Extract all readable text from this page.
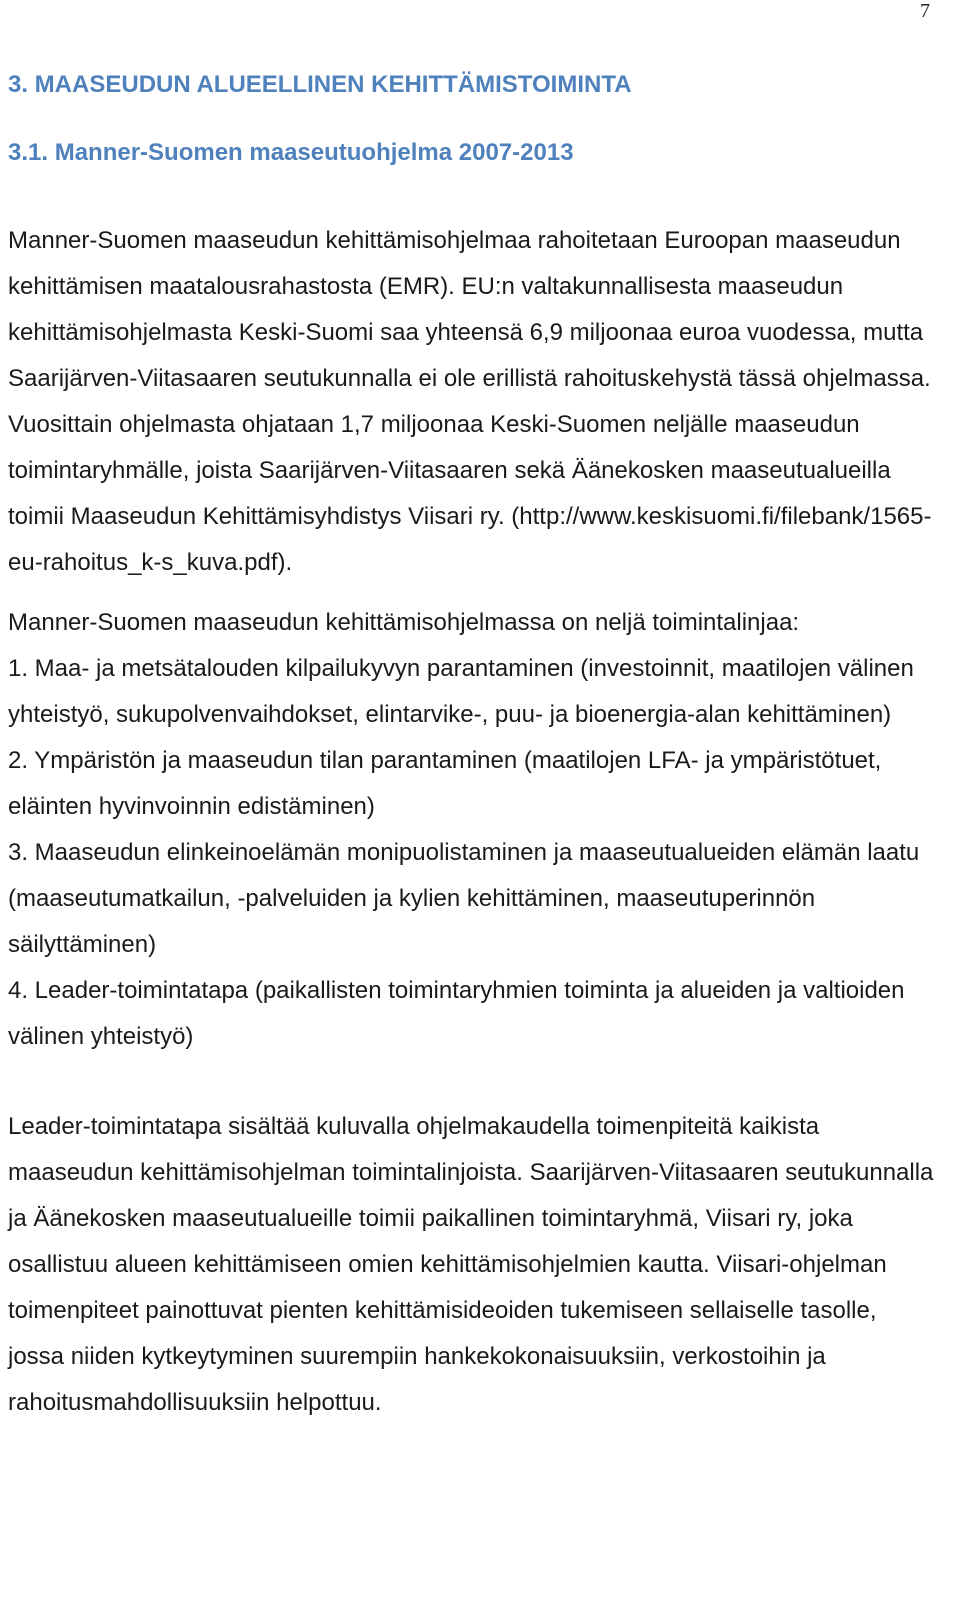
7
3. MAASEUDUN ALUEELLINEN KEHITTÄMISTOIMINTA
3.1. Manner-Suomen maaseutuohjelma 2007-2013

Manner-Suomen maaseudun kehittämisohjelmaa rahoitetaan Euroopan maaseudun kehittämisen maatalousrahastosta (EMR). EU:n valtakunnallisesta maaseudun kehittämisohjelmasta Keski-Suomi saa yhteensä 6,9 miljoonaa euroa vuodessa, mutta Saarijärven-Viitasaaren seutukunnalla ei ole erillistä rahoituskehystä tässä ohjelmassa. Vuosittain ohjelmasta ohjataan 1,7 miljoonaa Keski-Suomen neljälle maaseudun toimintaryhmälle, joista Saarijärven-Viitasaaren sekä Äänekosken maaseutualueilla toimii Maaseudun Kehittämisyhdistys Viisari ry. (http://www.keskisuomi.fi/filebank/1565-eu-rahoitus_k-s_kuva.pdf).

Manner-Suomen maaseudun kehittämisohjelmassa on neljä toimintalinjaa:

1. Maa- ja metsätalouden kilpailukyvyn parantaminen (investoinnit, maatilojen välinen yhteistyö, sukupolvenvaihdokset, elintarvike-, puu- ja bioenergia-alan kehittäminen)

2. Ympäristön ja maaseudun tilan parantaminen (maatilojen LFA- ja ympäristötuet, eläinten hyvinvoinnin edistäminen)

3. Maaseudun elinkeinoelämän monipuolistaminen ja maaseutualueiden elämän laatu (maaseutumatkailun, -palveluiden ja kylien kehittäminen, maaseutuperinnön säilyttäminen)

4. Leader-toimintatapa (paikallisten toimintaryhmien toiminta ja alueiden ja valtioiden välinen yhteistyö)

Leader-toimintatapa sisältää kuluvalla ohjelmakaudella toimenpiteitä kaikista maaseudun kehittämisohjelman toimintalinjoista. Saarijärven-Viitasaaren seutukunnalla ja Äänekosken maaseutualueille toimii paikallinen toimintaryhmä, Viisari ry, joka osallistuu alueen kehittämiseen omien kehittämisohjelmien kautta. Viisari-ohjelman toimenpiteet painottuvat pienten kehittämisideoiden tukemiseen sellaiselle tasolle, jossa niiden kytkeytyminen suurempiin hankekokonaisuuksiin, verkostoihin ja rahoitusmahdollisuuksiin helpottuu.
